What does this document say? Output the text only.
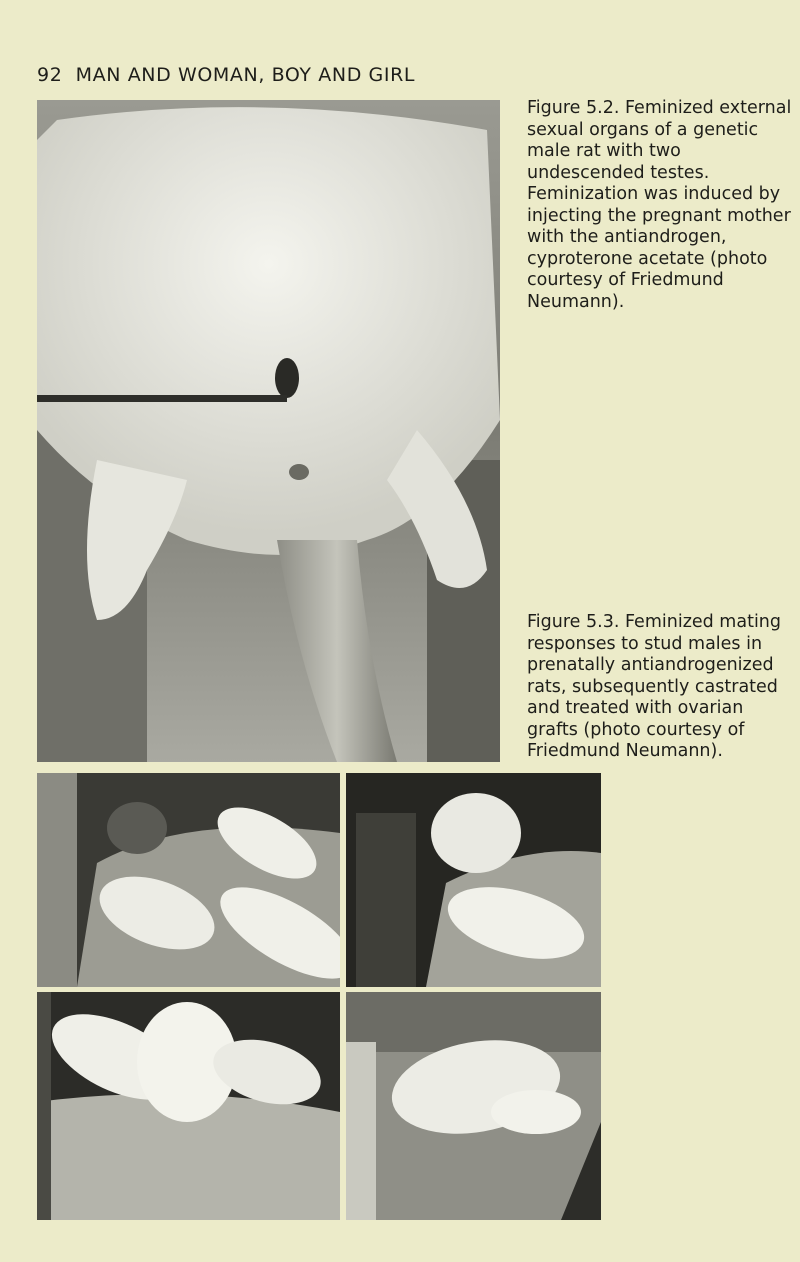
92 MAN AND WOMAN, BOY AND GIRL
Figure 5.2. Feminized external sexual organs of a genetic male rat with two undescended testes. Feminization was induced by injecting the pregnant mother with the antiandrogen, cyproterone acetate (photo courtesy of Friedmund Neumann).
Figure 5.3. Feminized mating responses to stud males in prenatally antiandrogenized rats, subsequently castrated and treated with ovarian grafts (photo courtesy of Friedmund Neumann).
